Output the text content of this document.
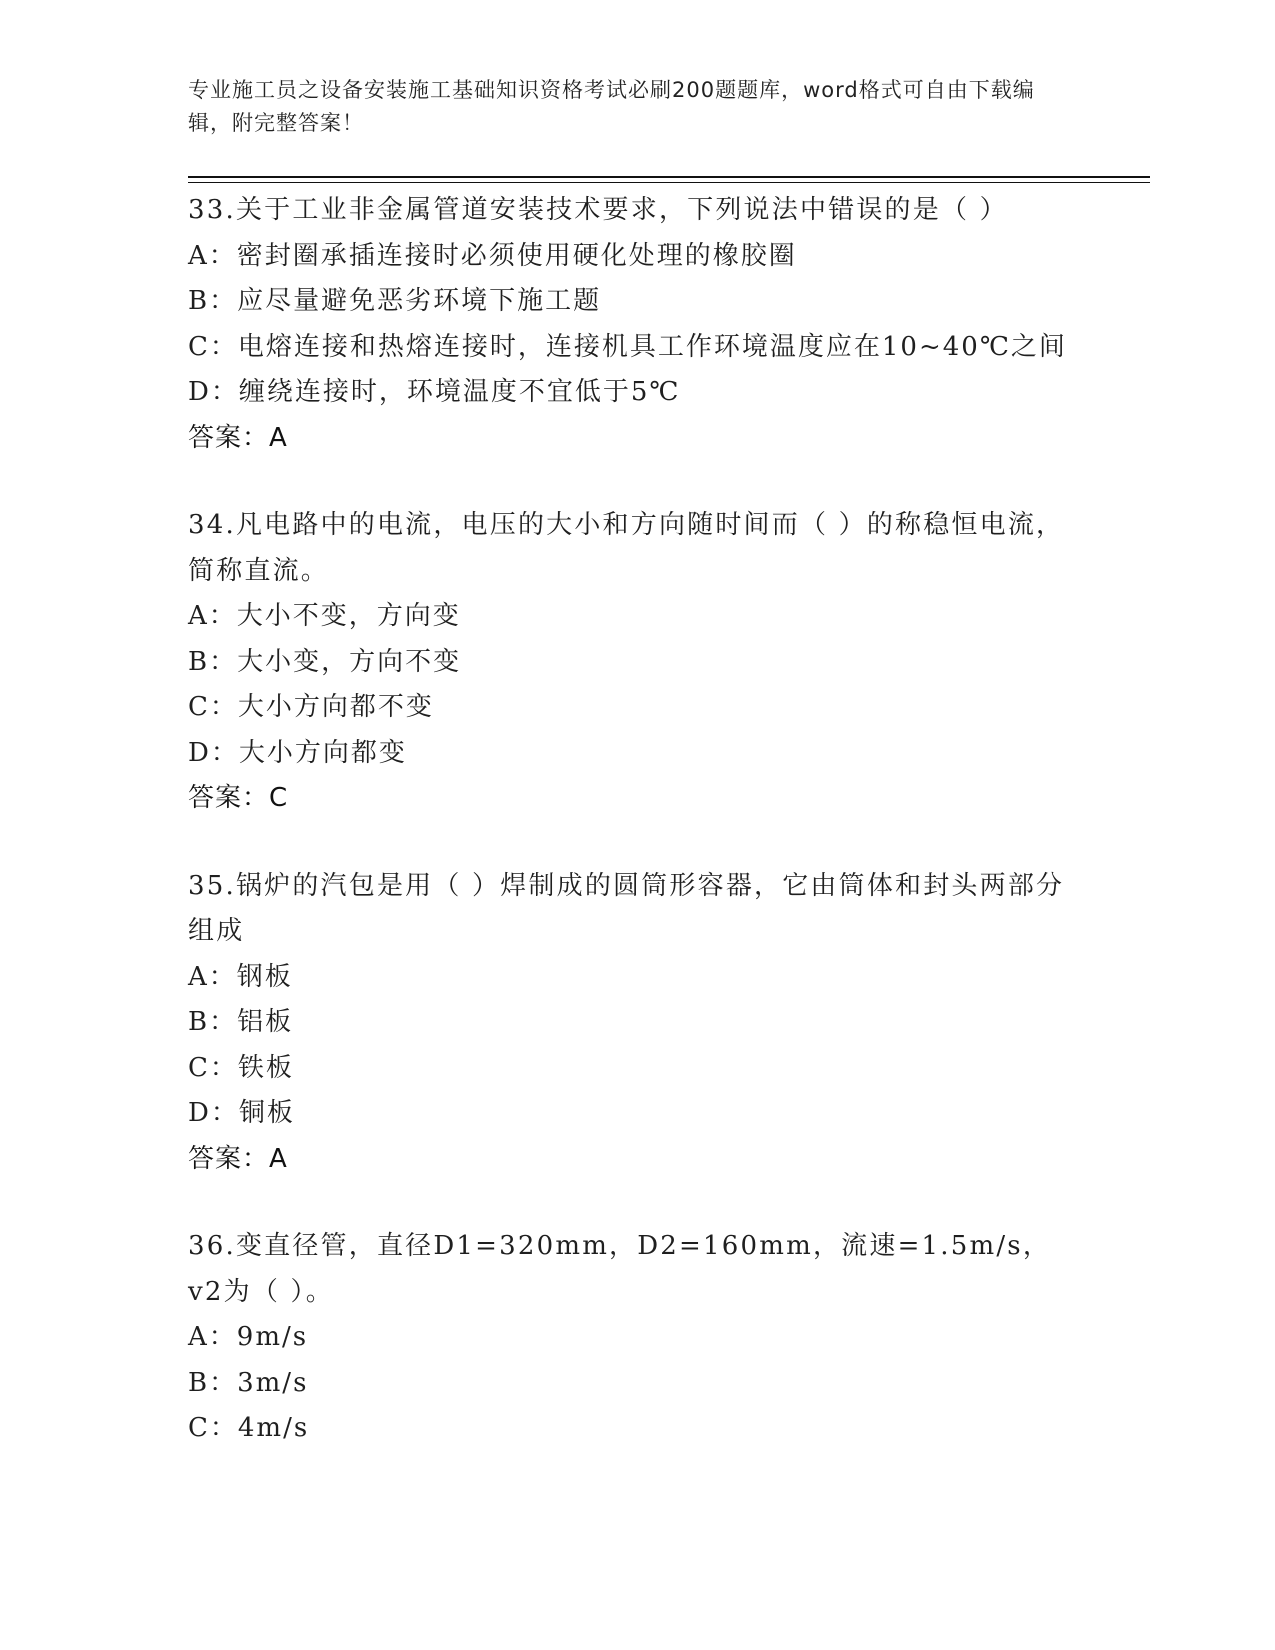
专业施工员之设备安装施工基础知识资格考试必刷200题题库，word格式可自由下载编辑，附完整答案！
33.关于工业非金属管道安装技术要求，下列说法中错误的是（ ）
A：密封圈承插连接时必须使用硬化处理的橡胶圈
B：应尽量避免恶劣环境下施工题
C：电熔连接和热熔连接时，连接机具工作环境温度应在10~40℃之间
D：缠绕连接时，环境温度不宜低于5℃
答案：A
34.凡电路中的电流，电压的大小和方向随时间而（ ）的称稳恒电流，简称直流。
A：大小不变，方向变
B：大小变，方向不变
C：大小方向都不变
D：大小方向都变
答案：C
35.锅炉的汽包是用（ ）焊制成的圆筒形容器，它由筒体和封头两部分组成
A：钢板
B：铝板
C：铁板
D：铜板
答案：A
36.变直径管，直径D1=320mm，D2=160mm，流速=1.5m/s，v2为（ ）。
A：9m/s
B：3m/s
C：4m/s
